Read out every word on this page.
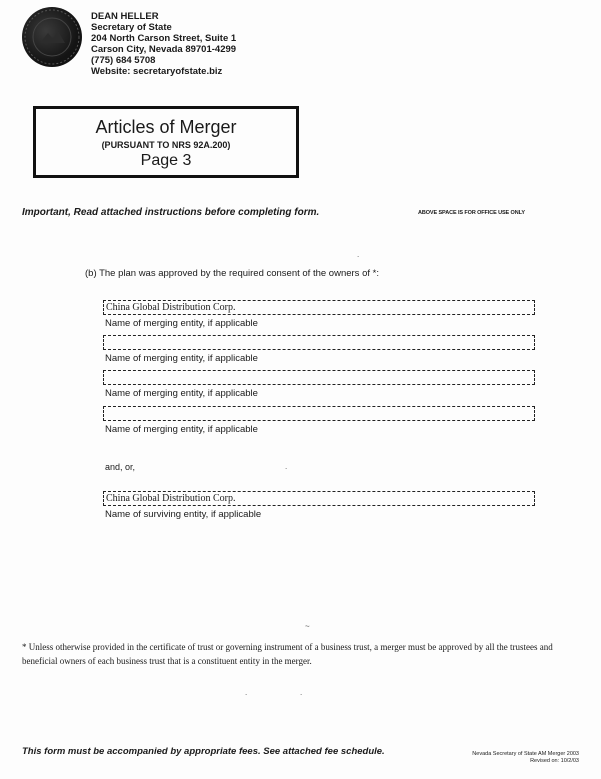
DEAN HELLER
Secretary of State
204 North Carson Street, Suite 1
Carson City, Nevada 89701-4299
(775) 684 5708
Website: secretaryofstate.biz
Articles of Merger
(PURSUANT TO NRS 92A.200)
Page 3
Important, Read attached instructions before completing form.	ABOVE SPACE IS FOR OFFICE USE ONLY
.
(b) The plan was approved by the required consent of the owners of *:
China Global Distribution Corp.
Name of merging entity, if applicable
Name of merging entity, if applicable
Name of merging entity, if applicable
Name of merging entity, if applicable
and, or,	.
China Global Distribution Corp.
Name of surviving entity, if applicable
~
* Unless otherwise provided in the certificate of trust or governing instrument of a business trust, a merger must be approved by all the trustees and beneficial owners of each business trust that is a constituent entity in the merger.
.	.
This form must be accompanied by appropriate fees. See attached fee schedule.	Nevada Secretary of State AM Merger 2003
Revised on: 10/2/03
